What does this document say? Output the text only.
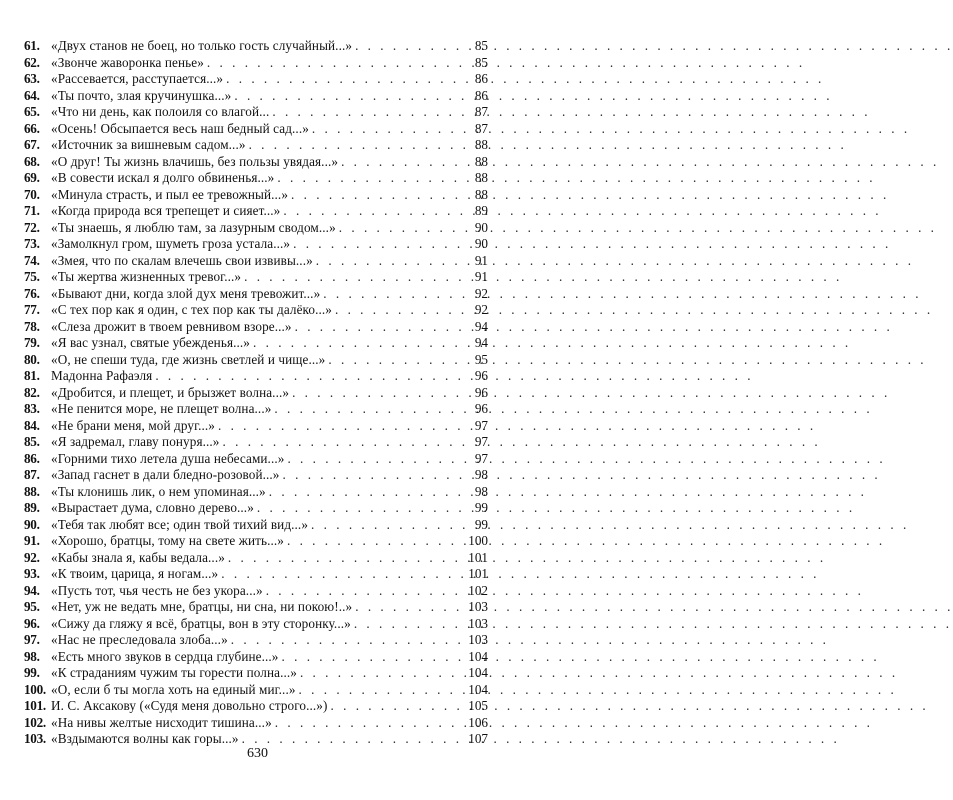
61. «Двух станов не боец, но только гость случайный...» . . .	85
62. «Звонче жаворонка пенье» . . .	85
63. «Рассевается, расступается...» . . .	86
64. «Ты почто, злая кручинушка...» . . .	86
65. «Что ни день, как полоиля со влагой... . . .	87
66. «Осень! Обсыпается весь наш бедный сад...» . . .	87
67. «Источник за вишневым садом...» . . .	88
68. «О друг! Ты жизнь влачишь, без пользы увядая...» . . .	88
69. «В совести искал я долго обвиненья...» . . .	88
70. «Минула страсть, и пыл ее тревожный...» . . .	88
71. «Когда природа вся трепещет и сияет...» . . .	89
72. «Ты знаешь, я люблю там, за лазурным сводом...» . . .	90
73. «Замолкнул гром, шуметь гроза устала...» . . .	90
74. «Змея, что по скалам влечешь свои извивы...» . . .	91
75. «Ты жертва жизненных тревог...» . . .	91
76. «Бывают дни, когда злой дух меня тревожит...» . . .	92
77. «С тех пор как я один, с тех пор как ты далёко...» . . .	92
78. «Слеза дрожит в твоем ревнивом взоре...» . . .	94
79. «Я вас узнал, святые убежденья...» . . .	94
80. «О, не спеши туда, где жизнь светлей и чище...» . . .	95
81. Мадонна Рафаэля . . .	96
82. «Дробится, и плещет, и брызжет волна...» . . .	96
83. «Не пенится море, не плещет волна...» . . .	96
84. «Не брани меня, мой друг...» . . .	97
85. «Я задремал, главу понуря...» . . .	97
86. «Горними тихо летела душа небесами...» . . .	97
87. «Запад гаснет в дали бледно-розовой...» . . .	98
88. «Ты клонишь лик, о нем упоминая...» . . .	98
89. «Вырастает дума, словно дерево...» . . .	99
90. «Тебя так любят все; один твой тихий вид...» . . .	99
91. «Хорошо, братцы, тому на свете жить...» . . .	100
92. «Кабы знала я, кабы ведала...» . . .	101
93. «К твоим, царица, я ногам...» . . .	101
94. «Пусть тот, чья честь не без укора...» . . .	102
95. «Нет, уж не ведать мне, братцы, ни сна, ни покою!..» . . .	103
96. «Сижу да гляжу я всё, братцы, вон в эту сторонку...» . . .	103
97. «Нас не преследовала злоба...» . . .	103
98. «Есть много звуков в сердца глубине...» . . .	104
99. «К страданиям чужим ты горести полна...» . . .	104
100. «О, если б ты могла хоть на единый миг...» . . .	104
101. И. С. Аксакову («Судя меня довольно строго...») . . .	105
102. «На нивы желтые нисходит тишина...» . . .	106
103. «Вздымаются волны как горы...» . . .	107
630
